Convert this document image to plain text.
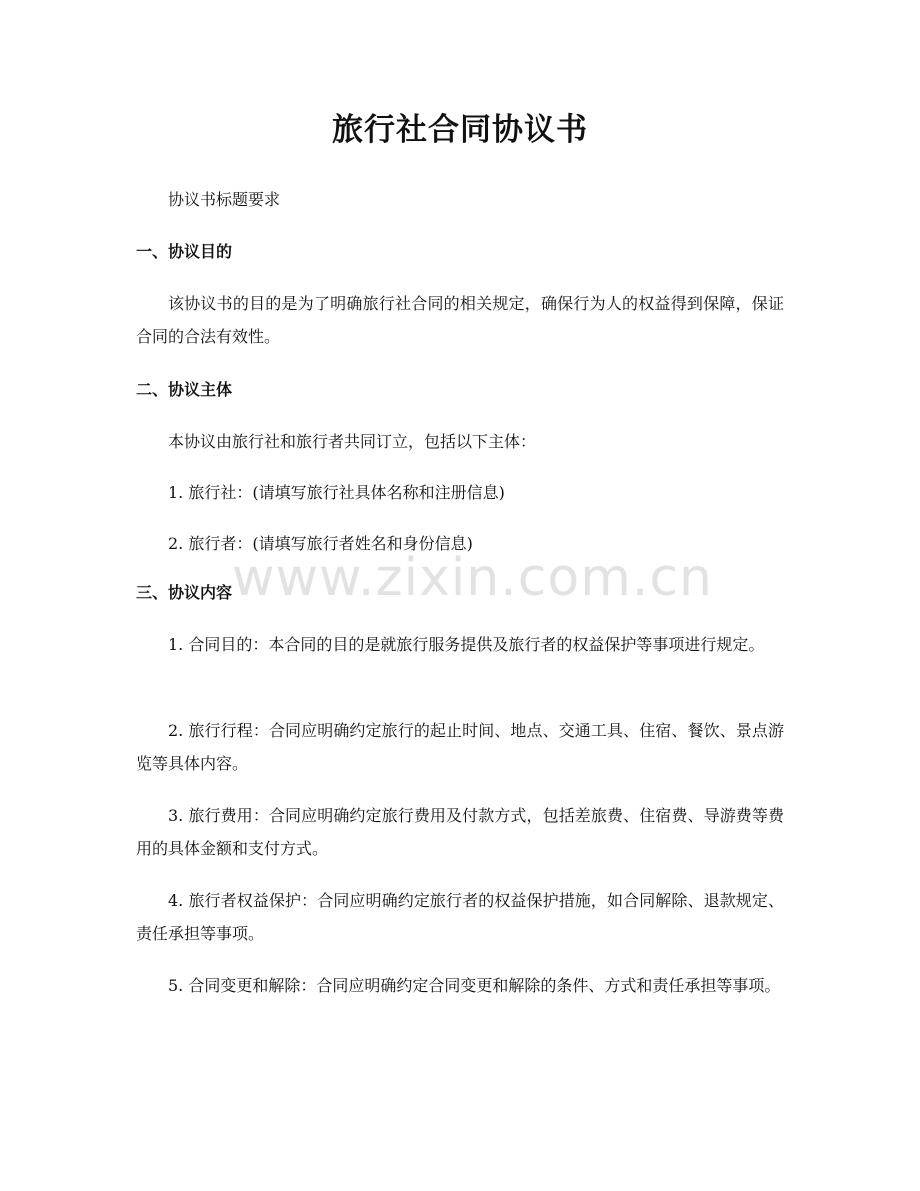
旅行社合同协议书

协议书标题要求

一、协议目的

该协议书的目的是为了明确旅行社合同的相关规定，确保行为人的权益得到保障，保证合同的合法有效性。

二、协议主体

本协议由旅行社和旅行者共同订立，包括以下主体：

1. 旅行社：(请填写旅行社具体名称和注册信息)

2. 旅行者：(请填写旅行者姓名和身份信息)

三、协议内容

1. 合同目的：本合同的目的是就旅行服务提供及旅行者的权益保护等事项进行规定。

2. 旅行行程：合同应明确约定旅行的起止时间、地点、交通工具、住宿、餐饮、景点游览等具体内容。

3. 旅行费用：合同应明确约定旅行费用及付款方式，包括差旅费、住宿费、导游费等费用的具体金额和支付方式。

4. 旅行者权益保护：合同应明确约定旅行者的权益保护措施，如合同解除、退款规定、责任承担等事项。

5. 合同变更和解除：合同应明确约定合同变更和解除的条件、方式和责任承担等事项。

www.zixin.com.cn
